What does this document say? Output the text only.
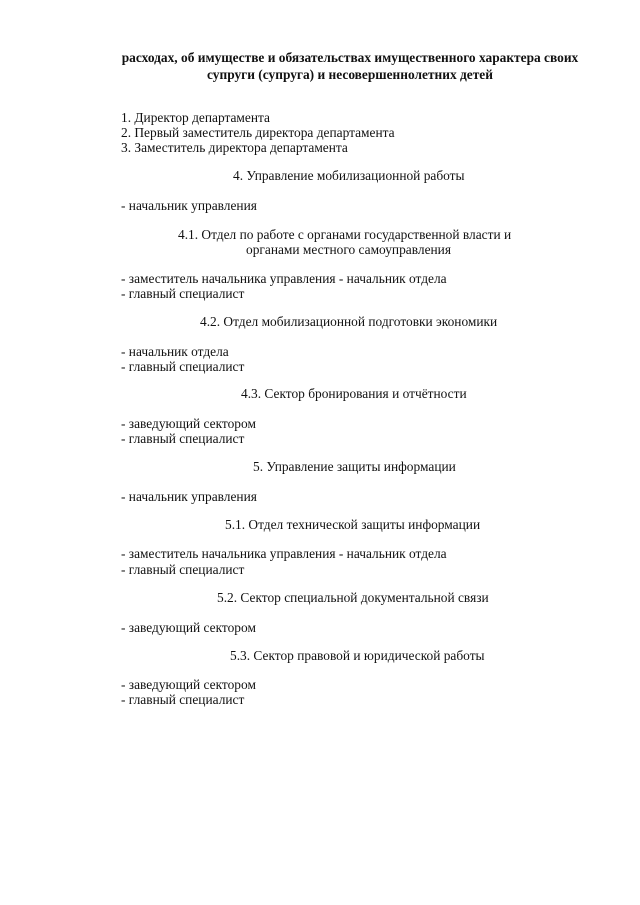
расходах, об имуществе и обязательствах имущественного характера своих
супруги (супруга) и несовершеннолетних детей
1. Директор департамента
2. Первый заместитель директора департамента
3. Заместитель директора департамента
4. Управление мобилизационной работы
- начальник управления
4.1. Отдел по работе с органами государственной власти и
органами местного самоуправления
- заместитель начальника управления - начальник отдела
- главный специалист
4.2. Отдел мобилизационной подготовки экономики
- начальник отдела
- главный специалист
4.3. Сектор бронирования и отчётности
- заведующий сектором
- главный специалист
5. Управление защиты информации
- начальник управления
5.1. Отдел технической защиты информации
- заместитель начальника управления - начальник отдела
- главный специалист
5.2. Сектор специальной документальной связи
- заведующий сектором
5.3. Сектор правовой и юридической работы
- заведующий сектором
- главный специалист
